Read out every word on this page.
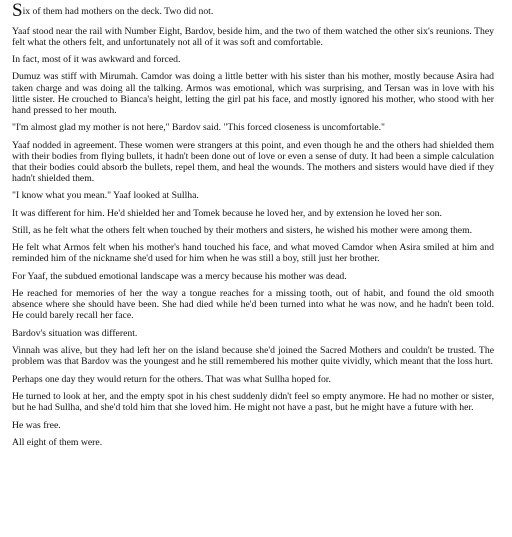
Six of them had mothers on the deck. Two did not.

Yaaf stood near the rail with Number Eight, Bardov, beside him, and the two of them watched the other six's reunions. They felt what the others felt, and unfortunately not all of it was soft and comfortable.

In fact, most of it was awkward and forced.

Dumuz was stiff with Mirumah. Camdor was doing a little better with his sister than his mother, mostly because Asira had taken charge and was doing all the talking. Armos was emotional, which was surprising, and Tersan was in love with his little sister. He crouched to Bianca's height, letting the girl pat his face, and mostly ignored his mother, who stood with her hand pressed to her mouth.

"I'm almost glad my mother is not here," Bardov said. "This forced closeness is uncomfortable."

Yaaf nodded in agreement. These women were strangers at this point, and even though he and the others had shielded them with their bodies from flying bullets, it hadn't been done out of love or even a sense of duty. It had been a simple calculation that their bodies could absorb the bullets, repel them, and heal the wounds. The mothers and sisters would have died if they hadn't shielded them.

"I know what you mean." Yaaf looked at Sullha.

It was different for him. He'd shielded her and Tomek because he loved her, and by extension he loved her son.

Still, as he felt what the others felt when touched by their mothers and sisters, he wished his mother were among them.

He felt what Armos felt when his mother's hand touched his face, and what moved Camdor when Asira smiled at him and reminded him of the nickname she'd used for him when he was still a boy, still just her brother.

For Yaaf, the subdued emotional landscape was a mercy because his mother was dead.

He reached for memories of her the way a tongue reaches for a missing tooth, out of habit, and found the old smooth absence where she should have been. She had died while he'd been turned into what he was now, and he hadn't been told. He could barely recall her face.

Bardov's situation was different.

Vinnah was alive, but they had left her on the island because she'd joined the Sacred Mothers and couldn't be trusted. The problem was that Bardov was the youngest and he still remembered his mother quite vividly, which meant that the loss hurt.

Perhaps one day they would return for the others. That was what Sullha hoped for.

He turned to look at her, and the empty spot in his chest suddenly didn't feel so empty anymore. He had no mother or sister, but he had Sullha, and she'd told him that she loved him. He might not have a past, but he might have a future with her.

He was free.

All eight of them were.
